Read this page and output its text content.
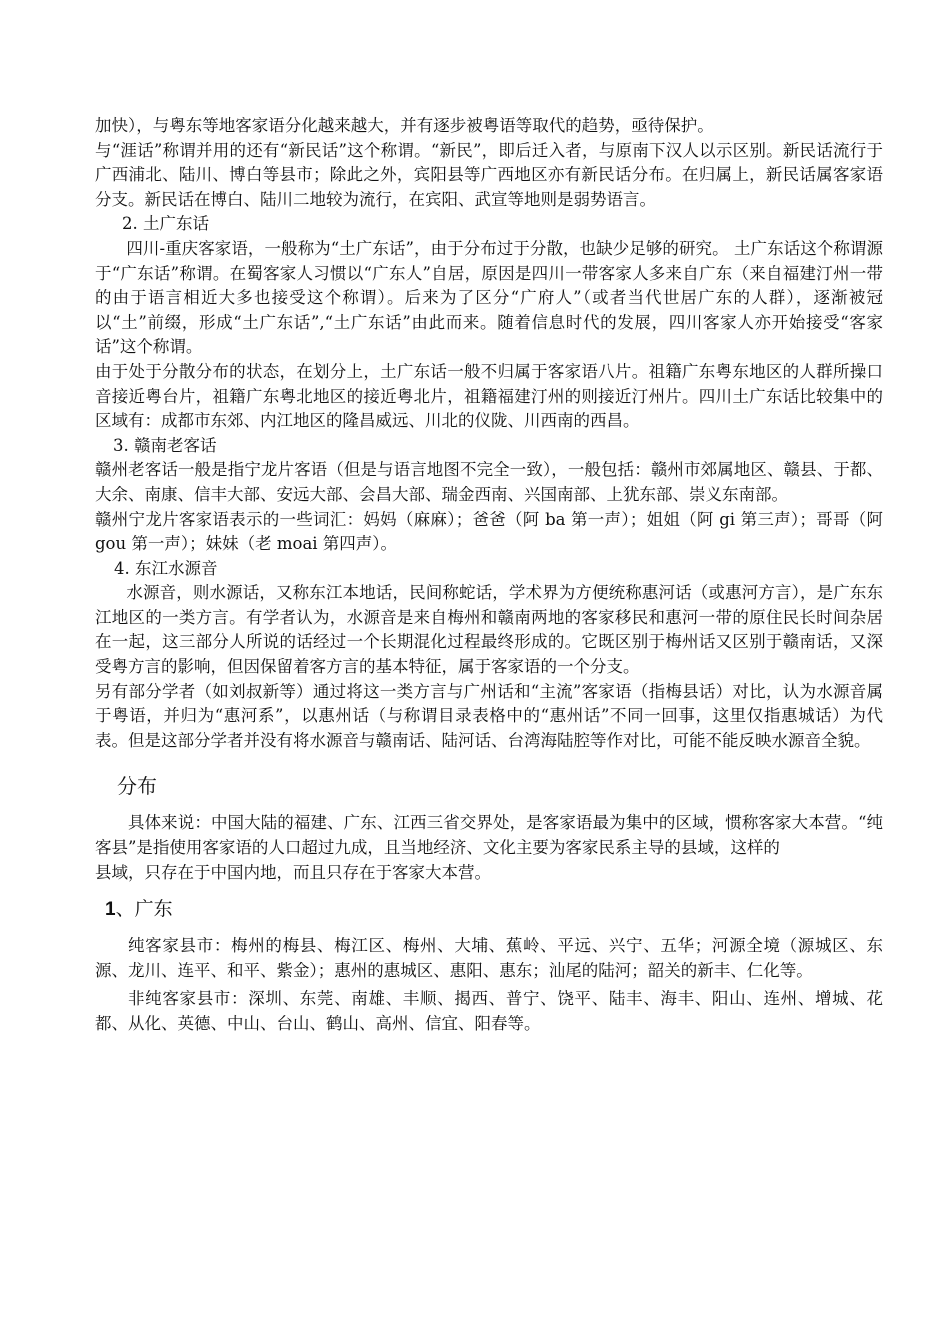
加快），与粤东等地客家语分化越来越大，并有逐步被粤语等取代的趋势，亟待保护。

与“涯话”称谓并用的还有“新民话”这个称谓。“新民”，即后迁入者，与原南下汉人以示区别。新民话流行于广西浦北、陆川、博白等县市；除此之外，宾阳县等广西地区亦有新民话分布。在归属上，新民话属客家语分支。新民话在博白、陆川二地较为流行，在宾阳、武宣等地则是弱势语言。

2. 土广东话

四川-重庆客家语，一般称为“土广东话”，由于分布过于分散，也缺少足够的研究。 土广东话这个称谓源于“广东话”称谓。在蜀客家人习惯以“广东人”自居，原因是四川一带客家人多来自广东（来自福建汀州一带的由于语言相近大多也接受这个称谓）。后来为了区分“广府人”（或者当代世居广东的人群），逐渐被冠以“土”前缀，形成“土广东话”,“土广东话”由此而来。随着信息时代的发展，四川客家人亦开始接受“客家话”这个称谓。

由于处于分散分布的状态，在划分上，土广东话一般不归属于客家语八片。祖籍广东粤东地区的人群所操口音接近粤台片，祖籍广东粤北地区的接近粤北片，祖籍福建汀州的则接近汀州片。四川土广东话比较集中的区域有：成都市东郊、内江地区的隆昌威远、川北的仪陇、川西南的西昌。

3. 赣南老客话

赣州老客话一般是指宁龙片客语（但是与语言地图不完全一致），一般包括：赣州市郊属地区、赣县、于都、大余、南康、信丰大部、安远大部、会昌大部、瑞金西南、兴国南部、上犹东部、崇义东南部。

赣州宁龙片客家语表示的一些词汇：妈妈（麻麻）；爸爸（阿 ba 第一声）；姐姐（阿 gi 第三声）；哥哥（阿 gou 第一声）；妹妹（老 moai 第四声）。

4. 东江水源音

水源音，则水源话，又称东江本地话，民间称蛇话，学术界为方便统称惠河话（或惠河方言），是广东东江地区的一类方言。有学者认为，水源音是来自梅州和赣南两地的客家移民和惠河一带的原住民长时间杂居在一起，这三部分人所说的话经过一个长期混化过程最终形成的。它既区别于梅州话又区别于赣南话，又深受粤方言的影响，但因保留着客方言的基本特征，属于客家语的一个分支。

另有部分学者（如刘叔新等）通过将这一类方言与广州话和“主流”客家语（指梅县话）对比，认为水源音属于粤语，并归为“惠河系”，以惠州话（与称谓目录表格中的“惠州话”不同一回事，这里仅指惠城话）为代表。但是这部分学者并没有将水源音与赣南话、陆河话、台湾海陆腔等作对比，可能不能反映水源音全貌。

分布

具体来说：中国大陆的福建、广东、江西三省交界处，是客家语最为集中的区域，惯称客家大本营。“纯客县”是指使用客家语的人口超过九成，且当地经济、文化主要为客家民系主导的县域，这样的

县域，只存在于中国内地，而且只存在于客家大本营。

1、广东

纯客家县市：梅州的梅县、梅江区、梅州、大埔、蕉岭、平远、兴宁、五华；河源全境（源城区、东源、龙川、连平、和平、紫金）；惠州的惠城区、惠阳、惠东；汕尾的陆河；韶关的新丰、仁化等。

非纯客家县市：深圳、东莞、南雄、丰顺、揭西、普宁、饶平、陆丰、海丰、阳山、连州、增城、花都、从化、英德、中山、台山、鹤山、高州、信宜、阳春等。
